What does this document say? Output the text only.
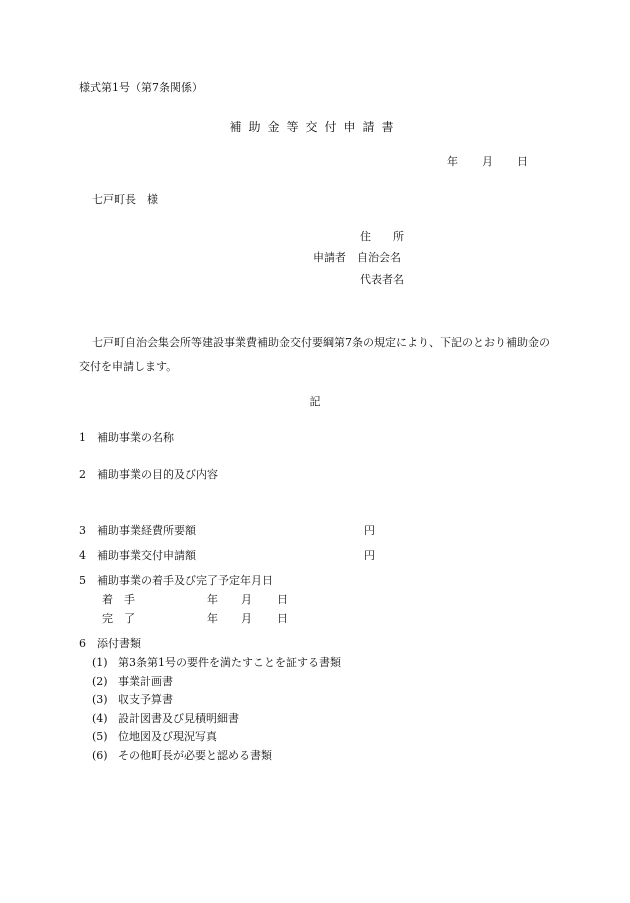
様式第1号（第7条関係）
補助金等交付申請書
年 月 日
七戸町長　様
住　　所
申請者　自治会名
代表者名
七戸町自治会集会所等建設事業費補助金交付要綱第7条の規定により、下記のとおり補助金の交付を申請します。
記
1 補助事業の名称
2 補助事業の目的及び内容
3 補助事業経費所要額	円
4 補助事業交付申請額	円
5 補助事業の着手及び完了予定年月日
着　手	年 月 日
完　了	年 月 日
6 添付書類
(1) 第3条第1号の要件を満たすことを証する書類
(2) 事業計画書
(3) 収支予算書
(4) 設計図書及び見積明細書
(5) 位地図及び現況写真
(6) その他町長が必要と認める書類
